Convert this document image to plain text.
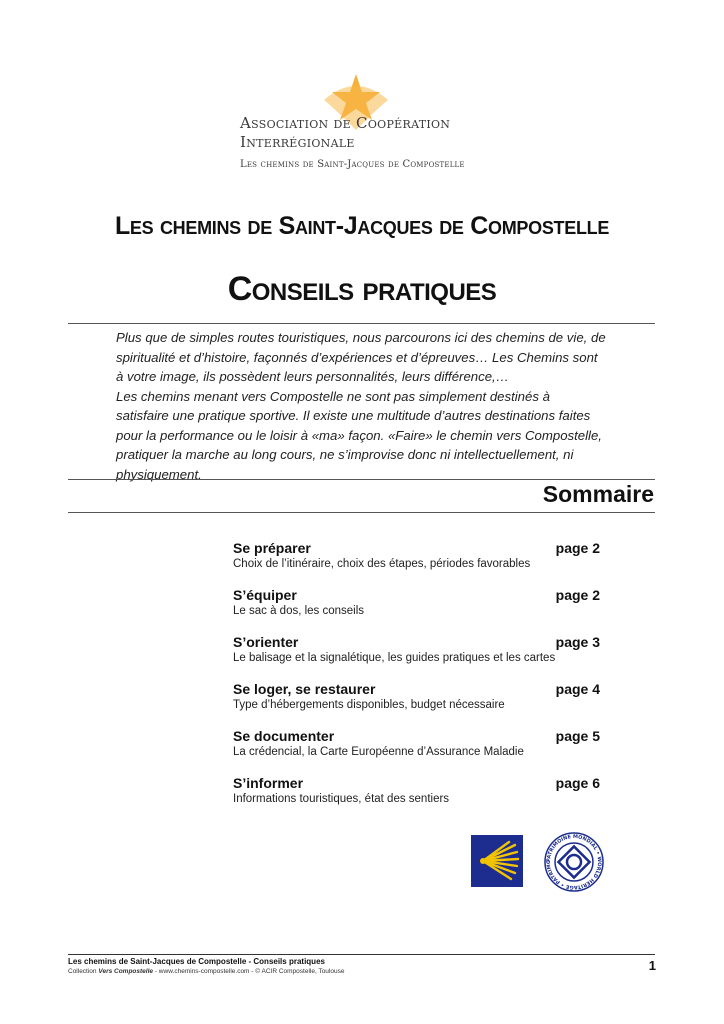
Association de Coopération
Interrégionale
Les chemins de Saint-Jacques de Compostelle
Les chemins de Saint-Jacques de Compostelle
Conseils pratiques

Plus que de simples routes touristiques, nous parcourons ici des chemins de vie, de spiritualité et d’histoire, façonnés d’expériences et d’épreuves… Les Chemins sont à votre image, ils possèdent leurs personnalités, leurs différence,…

Les chemins menant vers Compostelle ne sont pas simplement destinés à satisfaire une pratique sportive. Il existe une multitude d’autres destinations faites pour la performance ou le loisir à «ma» façon. «Faire» le chemin vers Compostelle, pratiquer la marche au long cours, ne s’improvise donc ni intellectuellement, ni physiquement.

Sommaire
Se préparer	page 2
Choix de l’itinéraire, choix des étapes, périodes favorables
S’équiper	page 2
Le sac à dos, les conseils
S’orienter	page 3
Le balisage et la signalétique, les guides pratiques et les cartes
Se loger, se restaurer	page 4
Type d’hébergements disponibles, budget nécessaire
Se documenter	page 5
La crédencial, la Carte Européenne d’Assurance Maladie
S’informer	page 6
Informations touristiques, état des sentiers
PATRIMOINE MONDIAL • WORLD HERITAGE • PATRIMO
Les chemins de Saint-Jacques de Compostelle - Conseils pratiques
Collection Vers Compostelle - www.chemins-compostelle.com - © ACIR Compostelle, Toulouse	1
